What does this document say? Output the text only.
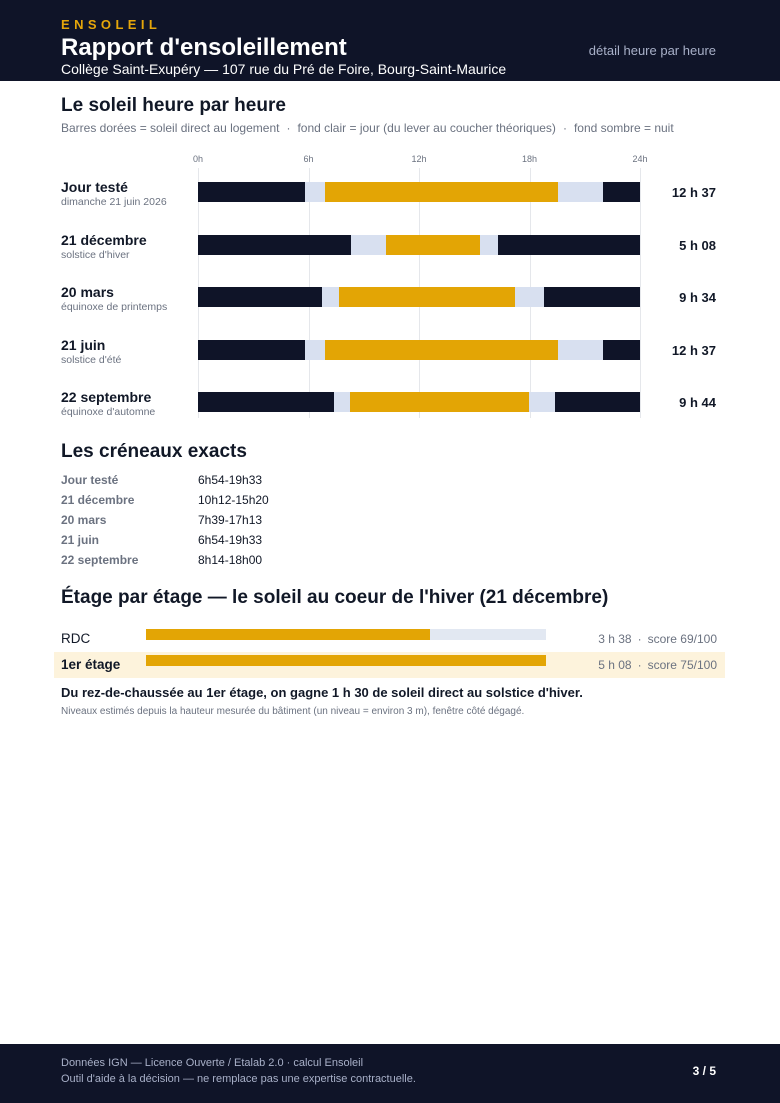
ENSOLEIL
Rapport d'ensoleillement
Collège Saint-Exupéry — 107 rue du Pré de Foire, Bourg-Saint-Maurice
détail heure par heure
Le soleil heure par heure
Barres dorées = soleil direct au logement · fond clair = jour (du lever au coucher théoriques) · fond sombre = nuit
0h	6h	12h	18h	24h
Jour testé
dimanche 21 juin 2026
12 h 37
21 décembre
solstice d'hiver
5 h 08
20 mars
équinoxe de printemps
9 h 34
21 juin
solstice d'été
12 h 37
22 septembre
équinoxe d'automne
9 h 44
Les créneaux exacts
Jour testé	6h54-19h33
21 décembre	10h12-15h20
20 mars	7h39-17h13
21 juin	6h54-19h33
22 septembre	8h14-18h00
Étage par étage — le soleil au coeur de l'hiver (21 décembre)
RDC	3 h 38 · score 69/100
1er étage	5 h 08 · score 75/100
Du rez-de-chaussée au 1er étage, on gagne 1 h 30 de soleil direct au solstice d'hiver.
Niveaux estimés depuis la hauteur mesurée du bâtiment (un niveau = environ 3 m), fenêtre côté dégagé.
Données IGN — Licence Ouverte / Etalab 2.0 · calcul Ensoleil
Outil d'aide à la décision — ne remplace pas une expertise contractuelle.
3 / 5
